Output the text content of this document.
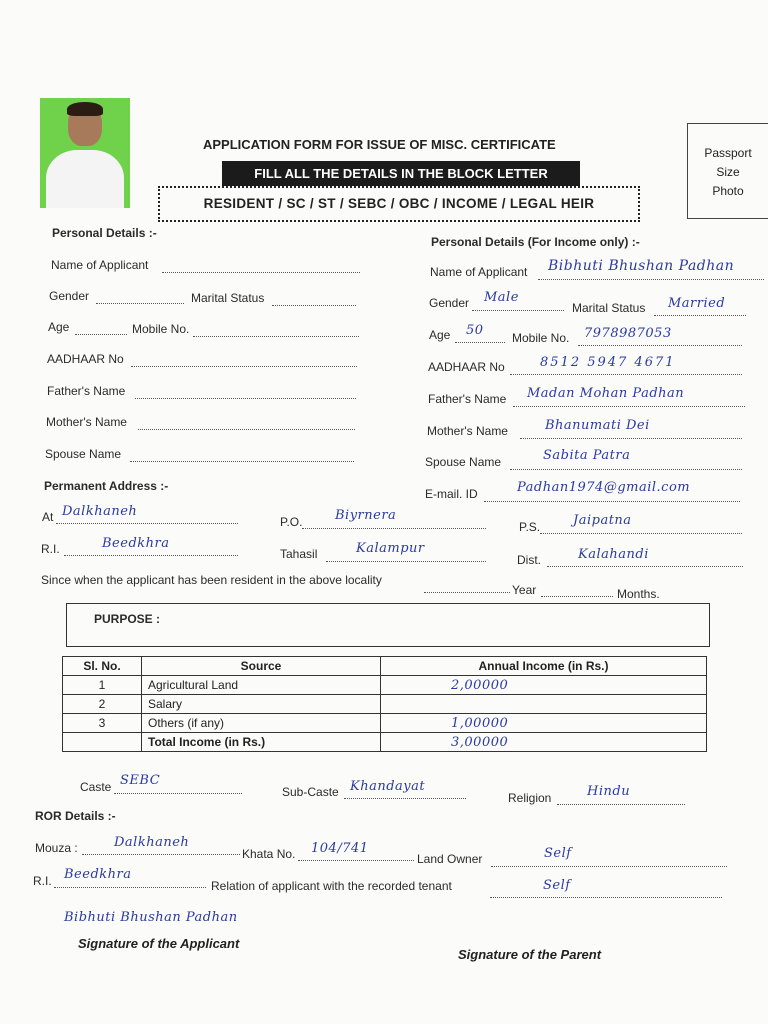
APPLICATION FORM FOR ISSUE OF MISC. CERTIFICATE
FILL ALL THE DETAILS IN THE BLOCK LETTER
RESIDENT / SC / ST / SEBC / OBC / INCOME / LEGAL HEIR
Passport
Size
Photo
Personal Details :-
Name of Applicant
Gender	Marital Status
Age	Mobile No.
AADHAAR No
Father's Name
Mother's Name
Spouse Name
Personal Details (For Income only) :-
Name of Applicant Bibhuti Bhushan Padhan
Gender Male
Marital Status Married
Age 50 Mobile No. 7978987053
AADHAAR No	8512 5947 4671
Father's Name Madan Mohan Padhan
Mother's Name	Bhanumati Dei
Spouse Name	Sabita Patra
E-mail. ID	Padhan1974@gmail.com
Permanent Address :-
At Dalkhaneh
P.O.	Biyrnera
P.S.	Jaipatna
R.I.	Beedkhra
Tahasil	Kalampur
Dist.	Kalahandi
Since when the applicant has been resident in the above locality
Year	Months.
PURPOSE :
Sl. No.	Source	Annual Income (in Rs.)
1	Agricultural Land	2,00000
2	Salary	
3	Others (if any)	1,00000
	Total Income (in Rs.)	3,00000
Caste SEBC
Sub-Caste Khandayat
Religion	Hindu
ROR Details :-
Mouza :	Dalkhaneh
Khata No. 104/741
Land Owner	Self
R.I. Beedkhra
Relation of applicant with the recorded tenant	Self
Bibhuti Bhushan Padhan
Signature of the Applicant
Signature of the Parent
